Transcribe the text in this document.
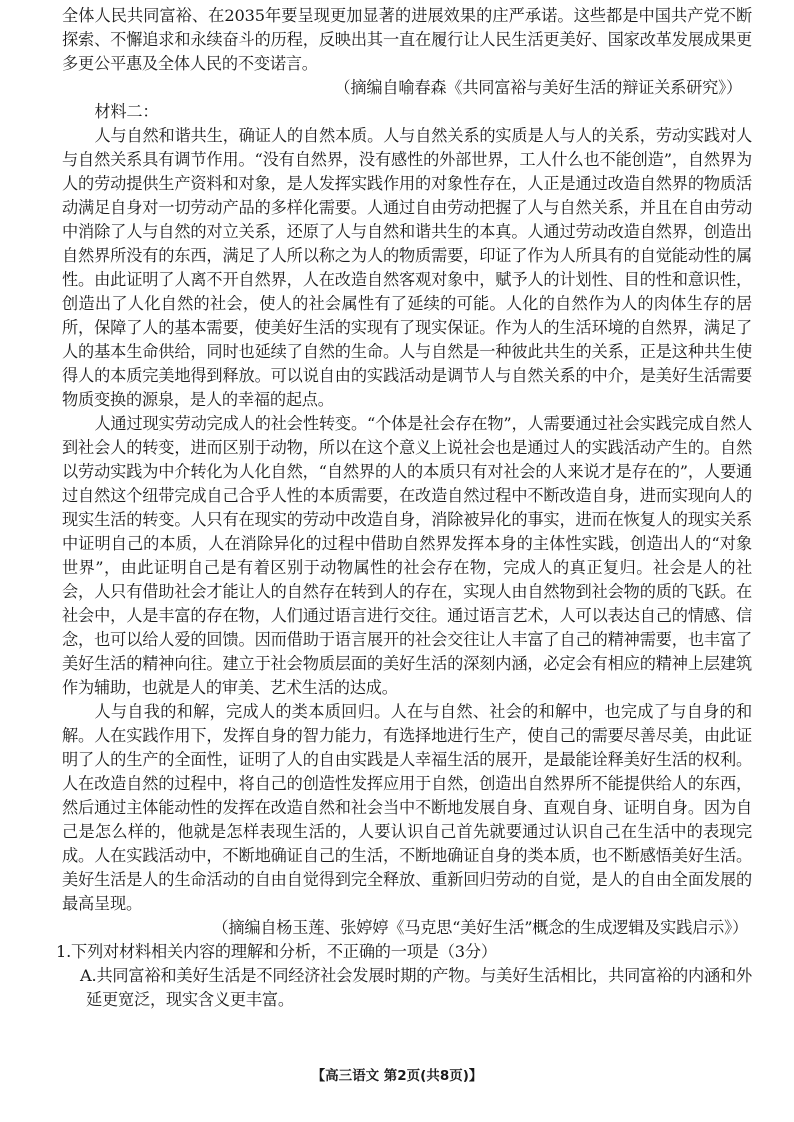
全体人民共同富裕、在2035年要呈现更加显著的进展效果的庄严承诺。这些都是中国共产党不断探索、不懈追求和永续奋斗的历程，反映出其一直在履行让人民生活更美好、国家改革发展成果更多更公平惠及全体人民的不变诺言。

（摘编自喻春森《共同富裕与美好生活的辩证关系研究》）

材料二：

人与自然和谐共生，确证人的自然本质。人与自然关系的实质是人与人的关系，劳动实践对人与自然关系具有调节作用。“没有自然界，没有感性的外部世界，工人什么也不能创造”，自然界为人的劳动提供生产资料和对象，是人发挥实践作用的对象性存在，人正是通过改造自然界的物质活动满足自身对一切劳动产品的多样化需要。人通过自由劳动把握了人与自然关系，并且在自由劳动中消除了人与自然的对立关系，还原了人与自然和谐共生的本真。人通过劳动改造自然界，创造出自然界所没有的东西，满足了人所以称之为人的物质需要，印证了作为人所具有的自觉能动性的属性。由此证明了人离不开自然界，人在改造自然客观对象中，赋予人的计划性、目的性和意识性，创造出了人化自然的社会，使人的社会属性有了延续的可能。人化的自然作为人的肉体生存的居所，保障了人的基本需要，使美好生活的实现有了现实保证。作为人的生活环境的自然界，满足了人的基本生命供给，同时也延续了自然的生命。人与自然是一种彼此共生的关系，正是这种共生使得人的本质完美地得到释放。可以说自由的实践活动是调节人与自然关系的中介，是美好生活需要物质变换的源泉，是人的幸福的起点。

人通过现实劳动完成人的社会性转变。“个体是社会存在物”，人需要通过社会实践完成自然人到社会人的转变，进而区别于动物，所以在这个意义上说社会也是通过人的实践活动产生的。自然以劳动实践为中介转化为人化自然，“自然界的人的本质只有对社会的人来说才是存在的”，人要通过自然这个纽带完成自己合乎人性的本质需要，在改造自然过程中不断改造自身，进而实现向人的现实生活的转变。人只有在现实的劳动中改造自身，消除被异化的事实，进而在恢复人的现实关系中证明自己的本质，人在消除异化的过程中借助自然界发挥本身的主体性实践，创造出人的“对象世界”，由此证明自己是有着区别于动物属性的社会存在物，完成人的真正复归。社会是人的社会，人只有借助社会才能让人的自然存在转到人的存在，实现人由自然物到社会物的质的飞跃。在社会中，人是丰富的存在物，人们通过语言进行交往。通过语言艺术，人可以表达自己的情感、信念，也可以给人爱的回馈。因而借助于语言展开的社会交往让人丰富了自己的精神需要，也丰富了美好生活的精神向往。建立于社会物质层面的美好生活的深刻内涵，必定会有相应的精神上层建筑作为辅助，也就是人的审美、艺术生活的达成。

人与自我的和解，完成人的类本质回归。人在与自然、社会的和解中，也完成了与自身的和解。人在实践作用下，发挥自身的智力能力，有选择地进行生产，使自己的需要尽善尽美，由此证明了人的生产的全面性，证明了人的自由实践是人幸福生活的展开，是最能诠释美好生活的权利。人在改造自然的过程中，将自己的创造性发挥应用于自然，创造出自然界所不能提供给人的东西，然后通过主体能动性的发挥在改造自然和社会当中不断地发展自身、直观自身、证明自身。因为自己是怎么样的，他就是怎样表现生活的，人要认识自己首先就要通过认识自己在生活中的表现完成。人在实践活动中，不断地确证自己的生活，不断地确证自身的类本质，也不断感悟美好生活。美好生活是人的生命活动的自由自觉得到完全释放、重新回归劳动的自觉，是人的自由全面发展的最高呈现。

（摘编自杨玉莲、张婷婷《马克思“美好生活”概念的生成逻辑及实践启示》）

1.下列对材料相关内容的理解和分析，不正确的一项是（3分）

A.共同富裕和美好生活是不同经济社会发展时期的产物。与美好生活相比，共同富裕的内涵和外延更宽泛，现实含义更丰富。

【高三语文 第2页(共8页)】
